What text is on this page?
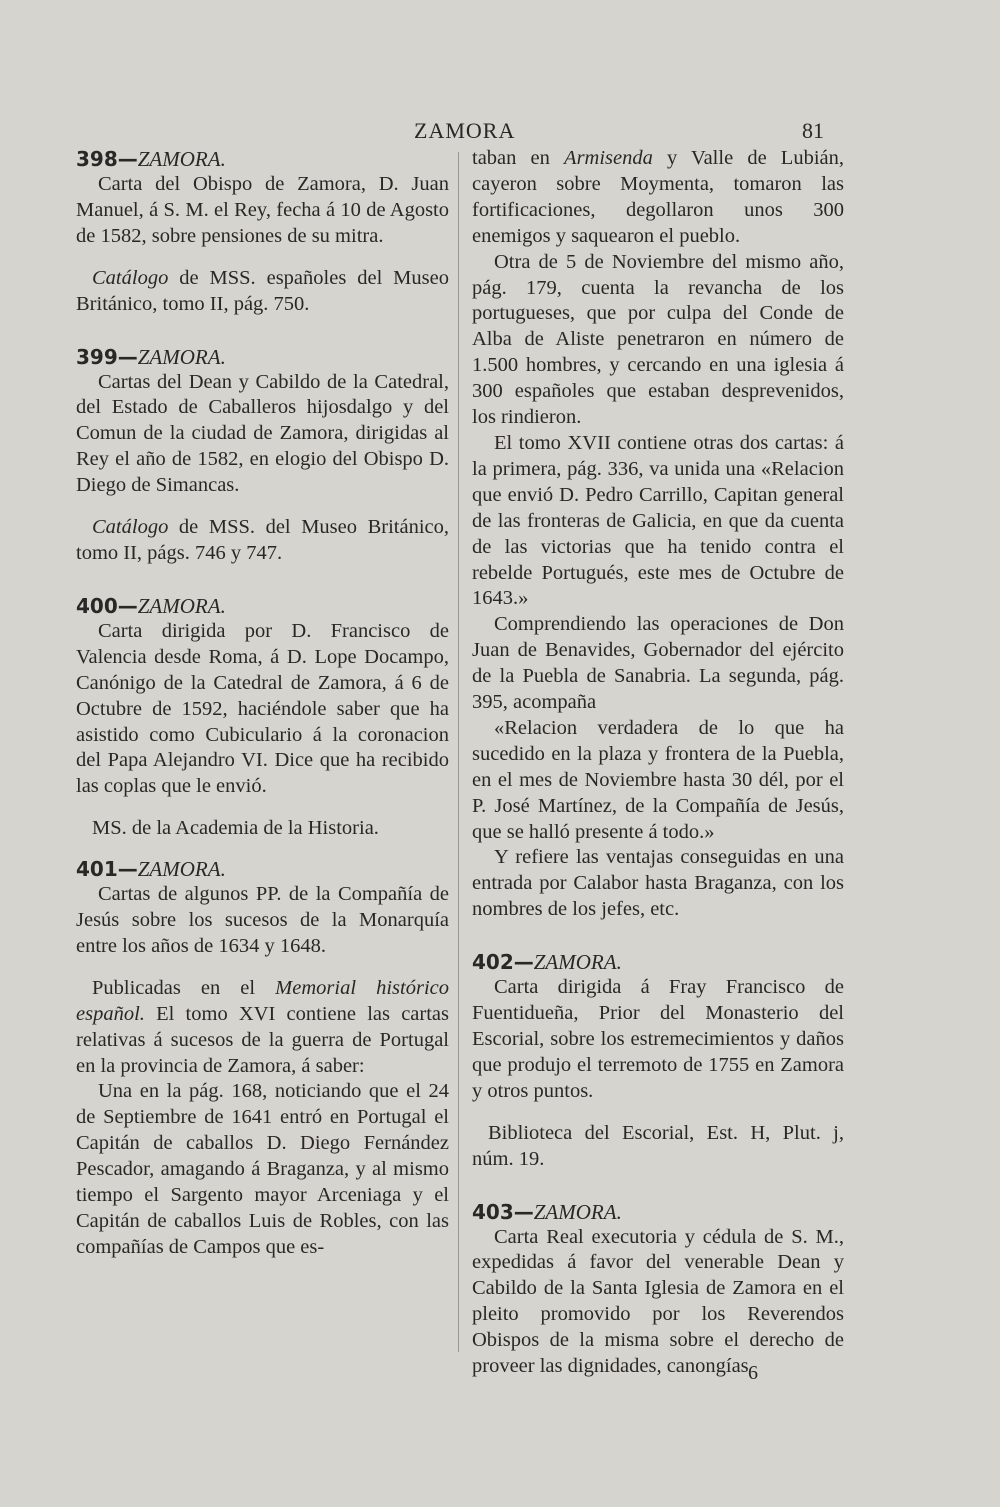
ZAMORA	81

398—ZAMORA.

Carta del Obispo de Zamora, D. Juan Manuel, á S. M. el Rey, fecha á 10 de Agosto de 1582, sobre pensiones de su mitra.

Catálogo de MSS. españoles del Museo Británico, tomo II, pág. 750.

399—ZAMORA.

Cartas del Dean y Cabildo de la Catedral, del Estado de Caballeros hijosdalgo y del Comun de la ciudad de Zamora, dirigidas al Rey el año de 1582, en elogio del Obispo D. Diego de Simancas.

Catálogo de MSS. del Museo Británico, tomo II, págs. 746 y 747.

400—ZAMORA.

Carta dirigida por D. Francisco de Valencia desde Roma, á D. Lope Docampo, Canónigo de la Catedral de Zamora, á 6 de Octubre de 1592, haciéndole saber que ha asistido como Cubiculario á la coronacion del Papa Alejandro VI. Dice que ha recibido las coplas que le envió.

MS. de la Academia de la Historia.

401—ZAMORA.

Cartas de algunos PP. de la Compañía de Jesús sobre los sucesos de la Monarquía entre los años de 1634 y 1648.

Publicadas en el Memorial histórico español. El tomo XVI contiene las cartas relativas á sucesos de la guerra de Portugal en la provincia de Zamora, á saber:

Una en la pág. 168, noticiando que el 24 de Septiembre de 1641 entró en Portugal el Capitán de caballos D. Diego Fernández Pescador, amagando á Braganza, y al mismo tiempo el Sargento mayor Arceniaga y el Capitán de caballos Luis de Robles, con las compañías de Campos que es-

taban en Armisenda y Valle de Lubián, cayeron sobre Moymenta, tomaron las fortificaciones, degollaron unos 300 enemigos y saquearon el pueblo.

Otra de 5 de Noviembre del mismo año, pág. 179, cuenta la revancha de los portugueses, que por culpa del Conde de Alba de Aliste penetraron en número de 1.500 hombres, y cercando en una iglesia á 300 españoles que estaban desprevenidos, los rindieron.

El tomo XVII contiene otras dos cartas: á la primera, pág. 336, va unida una «Relacion que envió D. Pedro Carrillo, Capitan general de las fronteras de Galicia, en que da cuenta de las victorias que ha tenido contra el rebelde Portugués, este mes de Octubre de 1643.»

Comprendiendo las operaciones de Don Juan de Benavides, Gobernador del ejército de la Puebla de Sanabria. La segunda, pág. 395, acompaña

«Relacion verdadera de lo que ha sucedido en la plaza y frontera de la Puebla, en el mes de Noviembre hasta 30 dél, por el P. José Martínez, de la Compañía de Jesús, que se halló presente á todo.»

Y refiere las ventajas conseguidas en una entrada por Calabor hasta Braganza, con los nombres de los jefes, etc.

402—ZAMORA.

Carta dirigida á Fray Francisco de Fuentidueña, Prior del Monasterio del Escorial, sobre los estremecimientos y daños que produjo el terremoto de 1755 en Zamora y otros puntos.

Biblioteca del Escorial, Est. H, Plut. j, núm. 19.

403—ZAMORA.

Carta Real executoria y cédula de S. M., expedidas á favor del venerable Dean y Cabildo de la Santa Iglesia de Zamora en el pleito promovido por los Reverendos Obispos de la misma sobre el derecho de proveer las dignidades, canongías 6
